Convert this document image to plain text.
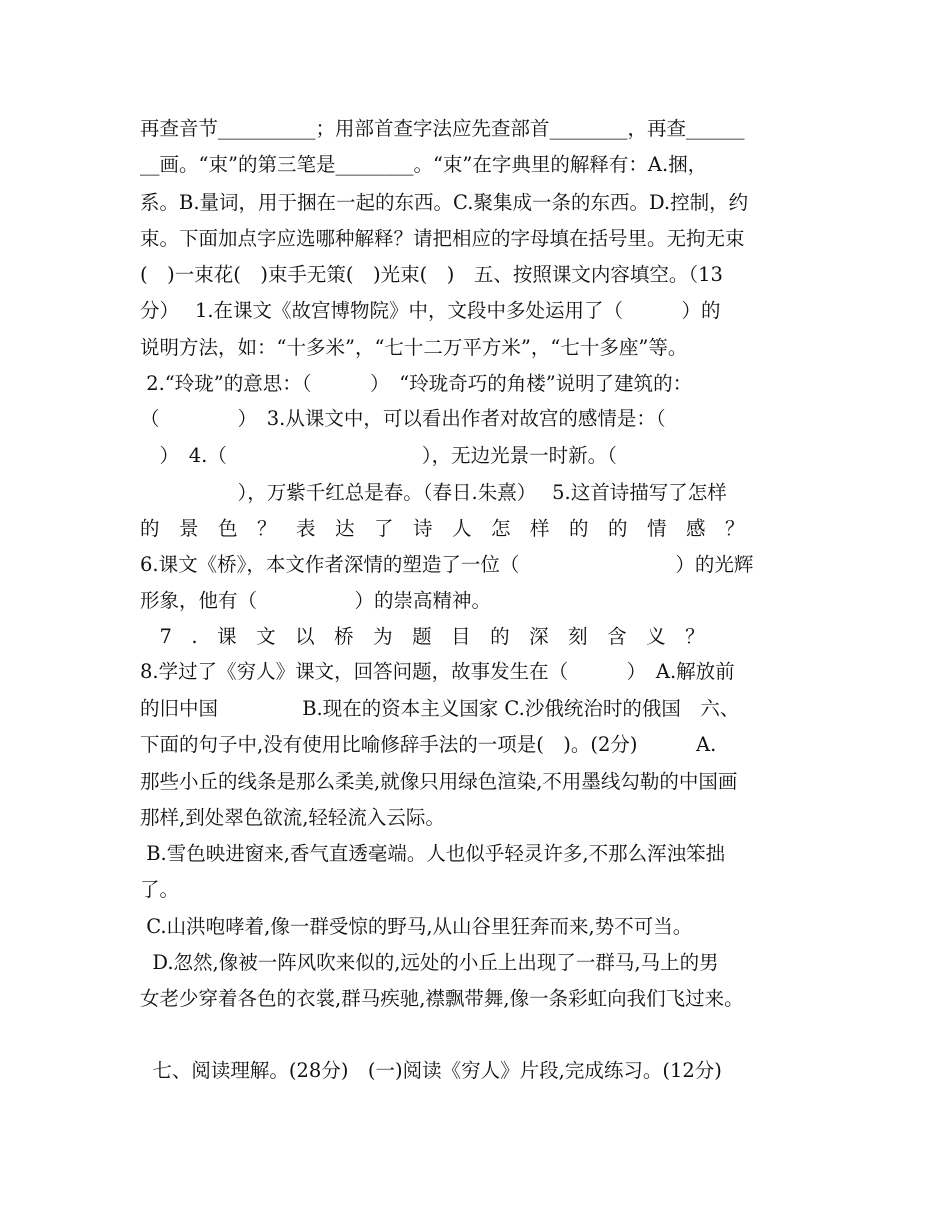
再查音节__________；用部首查字法应先查部首________，再查______
__画。“束”的第三笔是________。“束”在字典里的解释有：A.捆，
系。B.量词，用于捆在一起的东西。C.聚集成一条的东西。D.控制，约
束。下面加点字应选哪种解释？请把相应的字母填在括号里。无拘无束
(　)一束花(　)束手无策(　)光束(　)　五、按照课文内容填空。（13
分）　 1.在课文《故宫博物院》中，文段中多处运用了（　　　）的
说明方法，如：“十多米”，“七十二万平方米”，“七十多座”等。
2.“玲珑”的意思：（　　　）　“玲珑奇巧的角楼”说明了建筑的：
（　　　　）　3.从课文中，可以看出作者对故宫的感情是：（
　）　4.（　　　　　　　　　　），无边光景一时新。（
　　　　　），万紫千红总是春。（春日.朱熹）　 5.这首诗描写了怎样
的　景　色　？　表　达　了　诗　人　怎　样　的　的　情　感　？
6.课文《桥》，本文作者深情的塑造了一位（　　　　　　　　）的光辉
形象，他有（　　　　　）的崇高精神。
　7　.　课　文　以　桥　为　题　目　的　深　刻　含　义　？
8.学过了《穷人》课文，回答问题，故事发生在（　　　）　A.解放前
的旧中国　　　　 B.现在的资本主义国家 C.沙俄统治时的俄国　六、
下面的句子中,没有使用比喻修辞手法的一项是(　)。(2分)　　　A.
那些小丘的线条是那么柔美,就像只用绿色渲染,不用墨线勾勒的中国画
那样,到处翠色欲流,轻轻流入云际。
B.雪色映进窗来,香气直透毫端。人也似乎轻灵许多,不那么浑浊笨拙
了。
C.山洪咆哮着,像一群受惊的野马,从山谷里狂奔而来,势不可当。
D.忽然,像被一阵风吹来似的,远处的小丘上出现了一群马,马上的男
女老少穿着各色的衣裳,群马疾驰,襟飘带舞,像一条彩虹向我们飞过来。
七、阅读理解。(28分)　(一)阅读《穷人》片段,完成练习。(12分)
